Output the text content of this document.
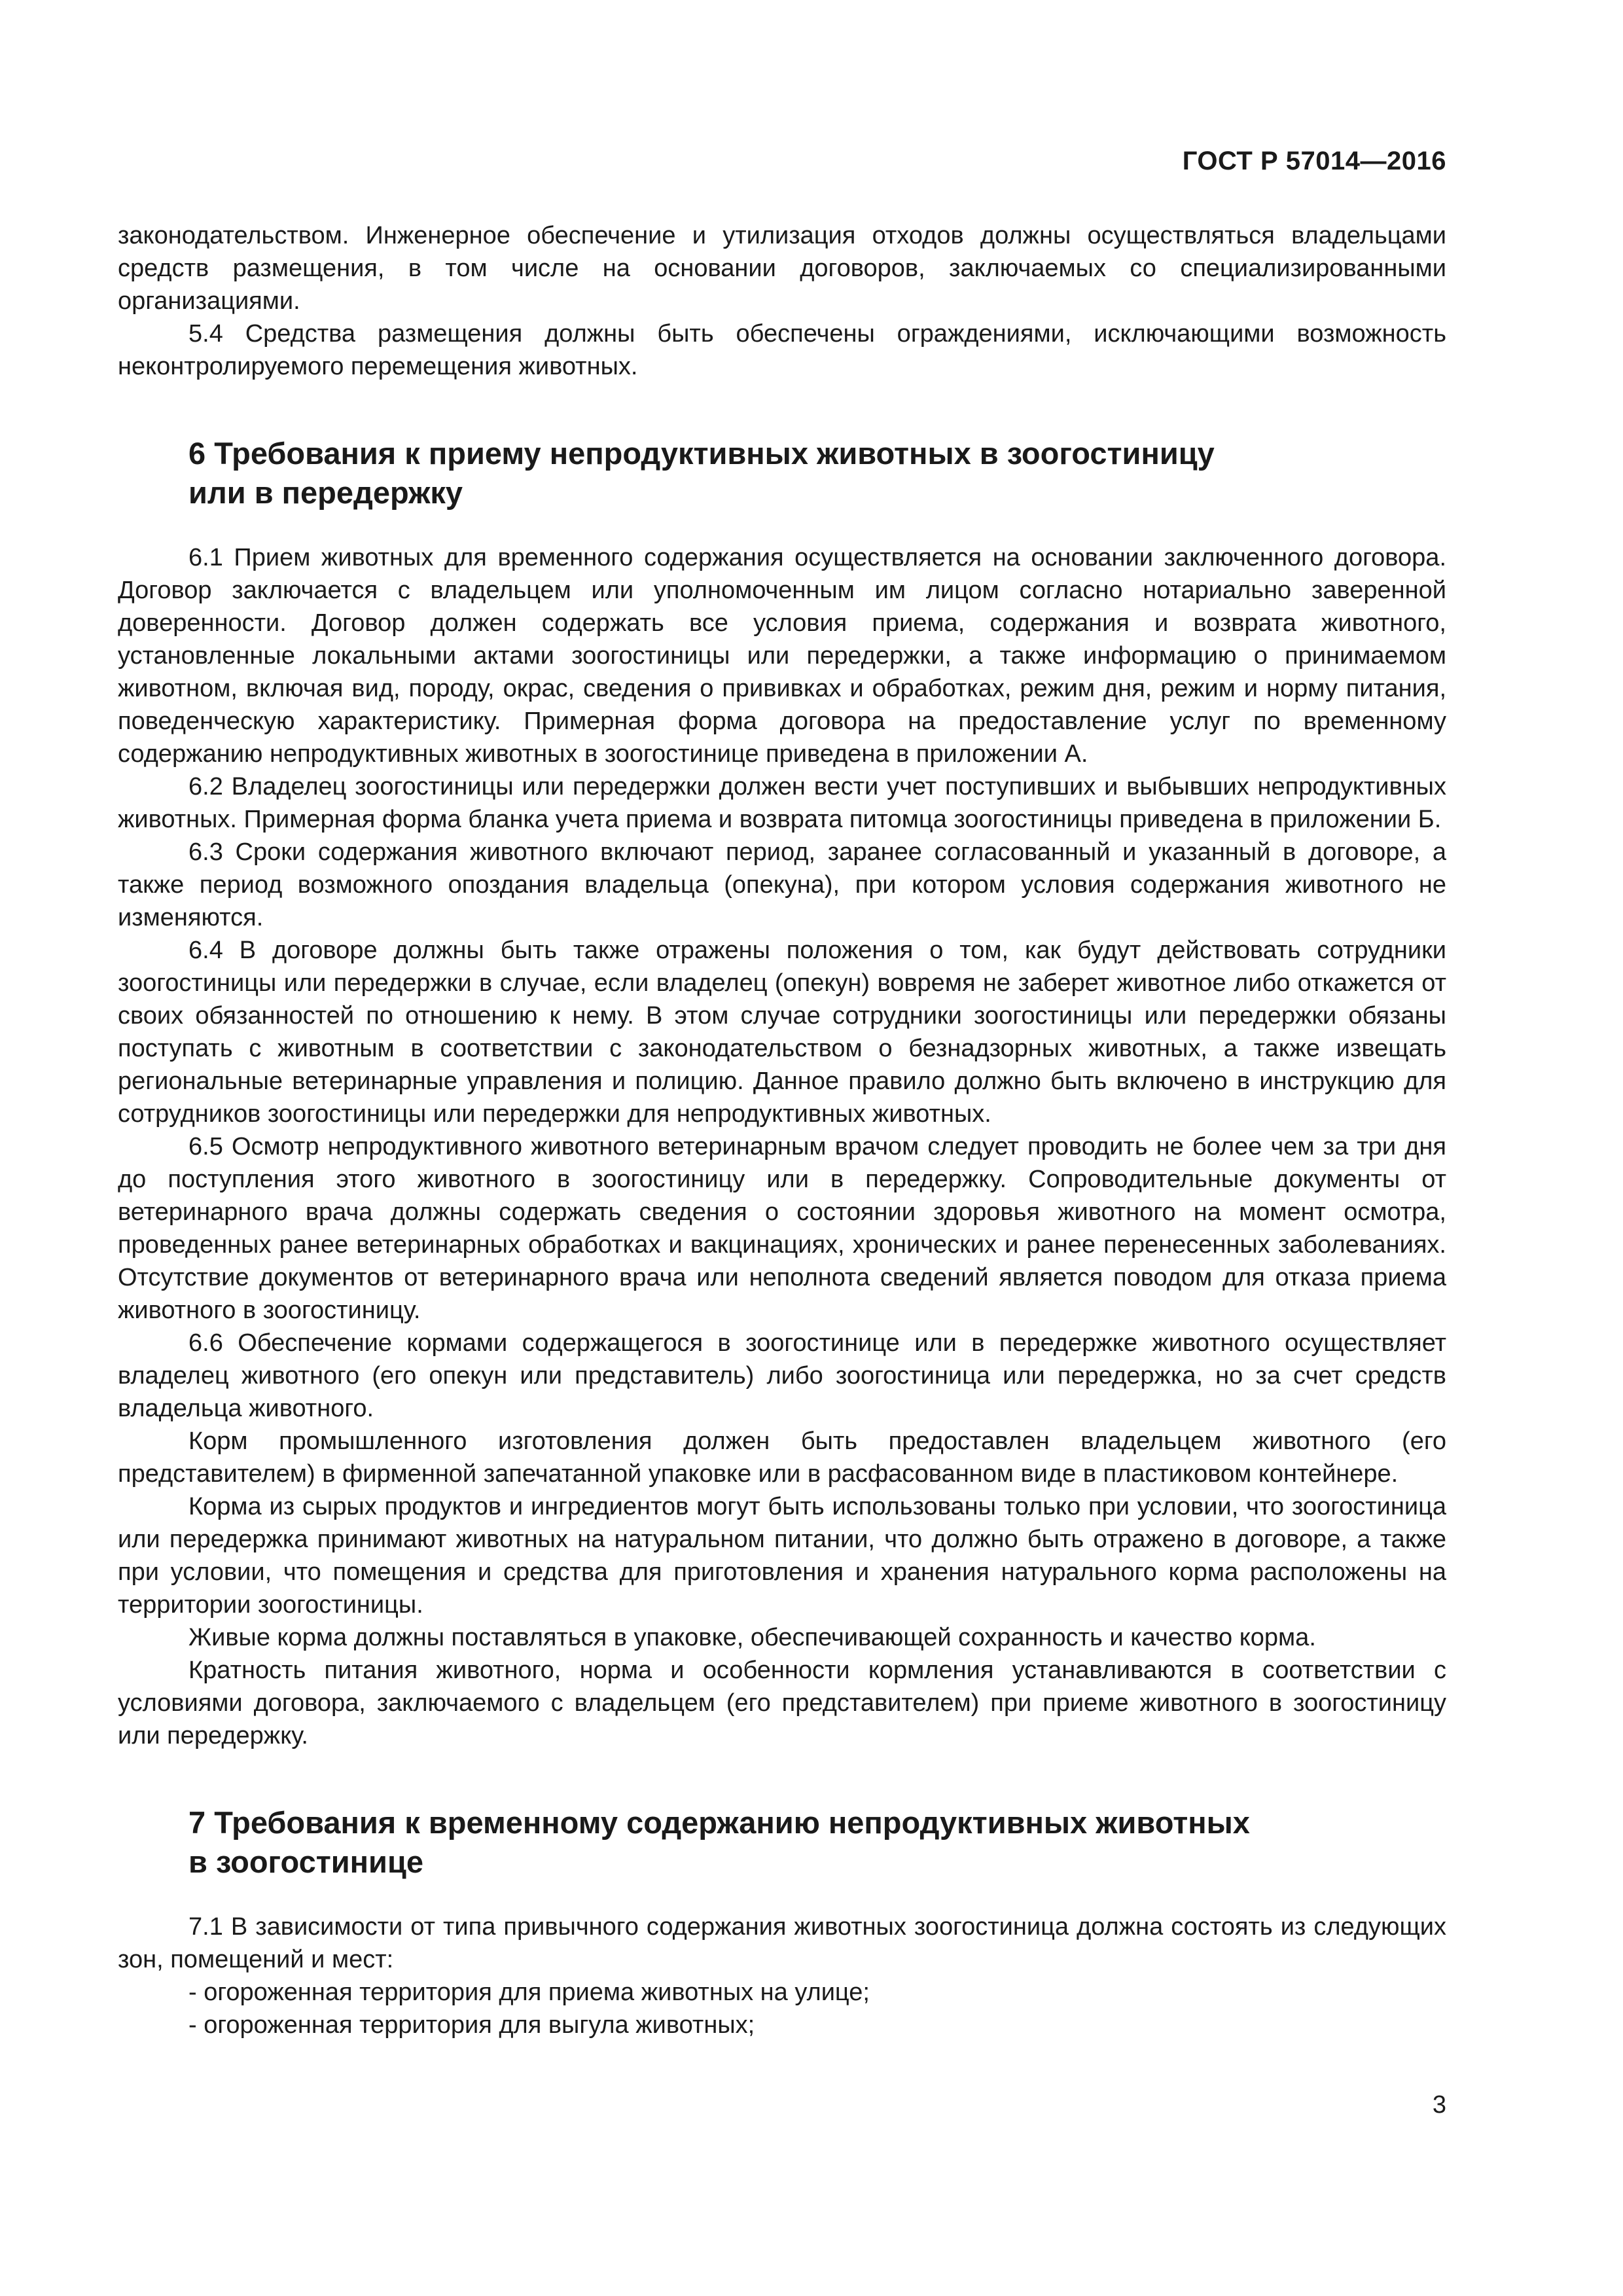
ГОСТ Р 57014—2016

законодательством. Инженерное обеспечение и утилизация отходов должны осуществляться владельцами средств размещения, в том числе на основании договоров, заключаемых со специализированными организациями.

5.4 Средства размещения должны быть обеспечены ограждениями, исключающими возможность неконтролируемого перемещения животных.

6 Требования к приему непродуктивных животных в зоогостиницу
или в передержку

6.1 Прием животных для временного содержания осуществляется на основании заключенного договора. Договор заключается с владельцем или уполномоченным им лицом согласно нотариально заверенной доверенности. Договор должен содержать все условия приема, содержания и возврата животного, установленные локальными актами зоогостиницы или передержки, а также информацию о принимаемом животном, включая вид, породу, окрас, сведения о прививках и обработках, режим дня, режим и норму питания, поведенческую характеристику. Примерная форма договора на предоставление услуг по временному содержанию непродуктивных животных в зоогостинице приведена в приложении А.

6.2 Владелец зоогостиницы или передержки должен вести учет поступивших и выбывших непродуктивных животных. Примерная форма бланка учета приема и возврата питомца зоогостиницы приведена в приложении Б.

6.3 Сроки содержания животного включают период, заранее согласованный и указанный в договоре, а также период возможного опоздания владельца (опекуна), при котором условия содержания животного не изменяются.

6.4 В договоре должны быть также отражены положения о том, как будут действовать сотрудники зоогостиницы или передержки в случае, если владелец (опекун) вовремя не заберет животное либо откажется от своих обязанностей по отношению к нему. В этом случае сотрудники зоогостиницы или передержки обязаны поступать с животным в соответствии с законодательством о безнадзорных животных, а также извещать региональные ветеринарные управления и полицию. Данное правило должно быть включено в инструкцию для сотрудников зоогостиницы или передержки для непродуктивных животных.

6.5 Осмотр непродуктивного животного ветеринарным врачом следует проводить не более чем за три дня до поступления этого животного в зоогостиницу или в передержку. Сопроводительные документы от ветеринарного врача должны содержать сведения о состоянии здоровья животного на момент осмотра, проведенных ранее ветеринарных обработках и вакцинациях, хронических и ранее перенесенных заболеваниях. Отсутствие документов от ветеринарного врача или неполнота сведений является поводом для отказа приема животного в зоогостиницу.

6.6 Обеспечение кормами содержащегося в зоогостинице или в передержке животного осуществляет владелец животного (его опекун или представитель) либо зоогостиница или передержка, но за счет средств владельца животного.

Корм промышленного изготовления должен быть предоставлен владельцем животного (его представителем) в фирменной запечатанной упаковке или в расфасованном виде в пластиковом контейнере.

Корма из сырых продуктов и ингредиентов могут быть использованы только при условии, что зоогостиница или передержка принимают животных на натуральном питании, что должно быть отражено в договоре, а также при условии, что помещения и средства для приготовления и хранения натурального корма расположены на территории зоогостиницы.

Живые корма должны поставляться в упаковке, обеспечивающей сохранность и качество корма.

Кратность питания животного, норма и особенности кормления устанавливаются в соответствии с условиями договора, заключаемого с владельцем (его представителем) при приеме животного в зоогостиницу или передержку.

7 Требования к временному содержанию непродуктивных животных
в зоогостинице

7.1 В зависимости от типа привычного содержания животных зоогостиница должна состоять из следующих зон, помещений и мест:

- огороженная территория для приема животных на улице;

- огороженная территория для выгула животных;

3
